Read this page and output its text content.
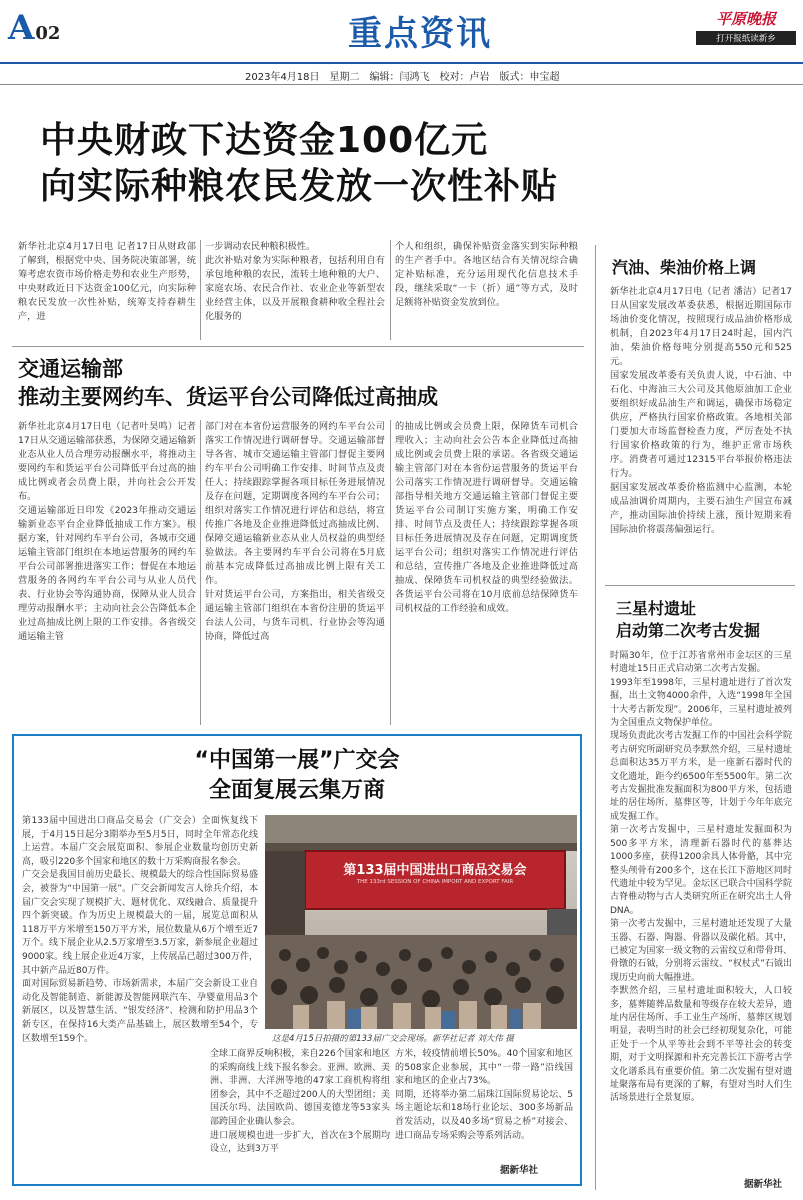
A02	重点资讯	平原晚报
打开报纸读新乡
2023年4月18日　星期二　编辑：闫鸿飞　校对：卢岩　版式：申宝超
中央财政下达资金100亿元
向实际种粮农民发放一次性补贴
新华社北京4月17日电 记者17日从财政部了解到，根据党中央、国务院决策部署，统筹考虑农资市场价格走势和农业生产形势，中央财政近日下达资金100亿元，向实际种粮农民发放一次性补贴，统筹支持春耕生产，进
一步调动农民种粮积极性。
此次补贴对象为实际种粮者，包括利用自有承包地种粮的农民，流转土地种粮的大户、家庭农场、农民合作社、农业企业等新型农业经营主体，以及开展粮食耕种收全程社会化服务的
个人和组织，确保补贴资金落实到实际种粮的生产者手中。各地区结合有关情况综合确定补贴标准，充分运用现代化信息技术手段，继续采取“一卡（折）通”等方式，及时足额将补贴资金发放到位。
交通运输部
推动主要网约车、货运平台公司降低过高抽成
新华社北京4月17日电（记者叶昊鸣）记者17日从交通运输部获悉，为保障交通运输新业态从业人员合理劳动报酬水平，将推动主要网约车和货运平台公司降低平台过高的抽成比例或者会员费上限，并向社会公开发布。
交通运输部近日印发《2023年推动交通运输新业态平台企业降低抽成工作方案》。根据方案，针对网约车平台公司，各城市交通运输主管部门组织在本地运营服务的网约车平台公司部署推进落实工作；督促在本地运营服务的各网约车平台公司与从业人员代表、行业协会等沟通协商，保障从业人员合理劳动报酬水平；主动向社会公告降低本企业过高抽成比例上限的工作安排。各省级交通运输主管
部门对在本省份运营服务的网约车平台公司落实工作情况进行调研督导。交通运输部督导各省、城市交通运输主管部门督促主要网约车平台公司明确工作安排、时间节点及责任人；持续跟踪掌握各项目标任务进展情况及存在问题，定期调度各网约车平台公司；组织对落实工作情况进行评估和总结，将宣传推广各地及企业推进降低过高抽成比例、保障交通运输新业态从业人员权益的典型经验做法。各主要网约车平台公司将在5月底前基本完成降低过高抽成比例上限有关工作。
针对货运平台公司，方案指出，相关省级交通运输主管部门组织在本省份注册的货运平台法人公司，与货车司机、行业协会等沟通协商，降低过高
的抽成比例或会员费上限，保障货车司机合理收入；主动向社会公告本企业降低过高抽成比例或会员费上限的承诺。各省级交通运输主管部门对在本省份运营服务的货运平台公司落实工作情况进行调研督导。交通运输部指导相关地方交通运输主管部门督促主要货运平台公司制订实施方案，明确工作安排、时间节点及责任人；持续跟踪掌握各项目标任务进展情况及存在问题，定期调度货运平台公司；组织对落实工作情况进行评估和总结，宣传推广各地及企业推进降低过高抽成、保障货车司机权益的典型经验做法。各货运平台公司将在10月底前总结保障货车司机权益的工作经验和成效。
“中国第一展”广交会
全面复展云集万商
第133届中国进出口商品交易会（广交会）全面恢复线下展，于4月15日起分3期举办至5月5日，同时全年常态化线上运营。本届广交会展览面积、参展企业数量均创历史新高，吸引220多个国家和地区的数十万采购商报名参会。
广交会是我国目前历史最长、规模最大的综合性国际贸易盛会，被誉为“中国第一展”。广交会新闻发言人徐兵介绍，本届广交会实现了规模扩大、题材优化、双线融合、质量提升四个新突破。作为历史上规模最大的一届，展览总面积从118万平方米增至150万平方米，展位数量从6万个增至近7万个。线下展企业从2.5万家增至3.5万家，新参展企业超过9000家。线上展企业近4万家，上传展品已超过300万件，其中新产品近80万件。
面对国际贸易新趋势、市场新需求，本届广交会新设工业自动化及智能制造、新能源及智能网联汽车、孕婴童用品3个新展区，以及智慧生活、“银发经济”、检测和防护用品3个新专区，在保持16大类产品基础上，展区数增至54个，专区数增至159个。
第133届中国进出口商品交易会
THE 133rd SESSION OF CHINA IMPORT AND EXPORT FAIR
这是4月15日拍摄的第133届广交会现场。新华社记者 刘大伟 摄
全球工商界反响积极，来自226个国家和地区的采购商线上线下报名参会。亚洲、欧洲、美洲、非洲、大洋洲等地的47家工商机构将组团参会，其中不乏超过200人的大型团组；美国沃尔玛、法国欧尚、德国麦德龙等53家头部跨国企业确认参会。
进口展规模也进一步扩大，首次在3个展期均设立，达到3万平
方米，较疫情前增长50%。40个国家和地区的508家企业参展，其中“一带一路”沿线国家和地区的企业占73%。
同期，还将举办第二届珠江国际贸易论坛、5场主题论坛和18场行业论坛、300多场新品首发活动，以及40多场“贸易之桥”对接会、进口商品专场采购会等系列活动。
据新华社
汽油、柴油价格上调
新华社北京4月17日电（记者 潘洁）记者17日从国家发展改革委获悉，根据近期国际市场油价变化情况，按照现行成品油价格形成机制，自2023年4月17日24时起，国内汽油、柴油价格每吨分别提高550元和525元。
国家发展改革委有关负责人说，中石油、中石化、中海油三大公司及其他原油加工企业要组织好成品油生产和调运，确保市场稳定供应，严格执行国家价格政策。各地相关部门要加大市场监督检查力度，严厉查处不执行国家价格政策的行为，维护正常市场秩序。消费者可通过12315平台举报价格违法行为。
据国家发展改革委价格监测中心监测，本轮成品油调价周期内，主要石油生产国宣布减产，推动国际油价持续上涨，预计短期来看国际油价将震荡偏强运行。
三星村遗址
启动第二次考古发掘
时隔30年，位于江苏省常州市金坛区的三星村遗址15日正式启动第二次考古发掘。
1993年至1998年，三星村遗址进行了首次发掘，出土文物4000余件，入选“1998年全国十大考古新发现”。2006年，三星村遗址被列为全国重点文物保护单位。
现场负责此次考古发掘工作的中国社会科学院考古研究所副研究员李默然介绍，三星村遗址总面积达35万平方米，是一座新石器时代的文化遗址，距今约6500年至5500年。第二次考古发掘批准发掘面积为800平方米，包括遗址的居住场所、墓葬区等，计划于今年年底完成发掘工作。
第一次考古发掘中，三星村遗址发掘面积为500多平方米，清理新石器时代的墓葬达1000多座，获得1200余具人体骨骼，其中完整头颅骨有200多个，这在长江下游地区同时代遗址中较为罕见。金坛区已联合中国科学院古脊椎动物与古人类研究所正在研究出土人骨DNA。
第一次考古发掘中，三星村遗址还发现了大量玉器、石器、陶器、骨器以及碳化稻。其中，已被定为国家一级文物的云雷纹豆和带骨珥、骨镦的石钺，分别将云雷纹、“权杖式”石钺出现历史向前大幅推进。
李默然介绍，三星村遗址面积较大，人口较多，墓葬随葬品数量和等级存在较大差异，遗址内居住场所、手工业生产场所、墓葬区规划明显，表明当时的社会已经初现复杂化，可能正处于一个从平等社会到不平等社会的转变期，对于文明探源和补充完善长江下游考古学文化谱系具有重要价值。第二次发掘有望对遗址聚落布局有更深的了解，有望对当时人们生活场景进行全景复原。
据新华社
